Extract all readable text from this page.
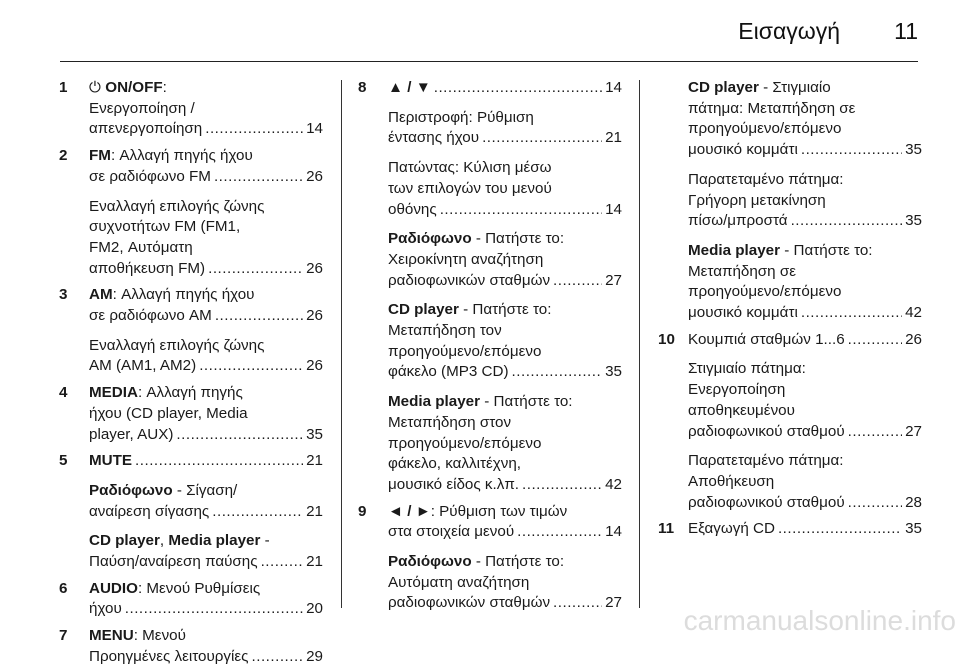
Εισαγωγή 11
1 ⏻ ON/OFF:
Ενεργοποίηση /
απενεργοποίηση .....	14
2 FM: Αλλαγή πηγής ήχου
σε ραδιόφωνο FM .....	26
Εναλλαγή επιλογής ζώνης
συχνοτήτων FM (FM1,
FM2, Αυτόματη
αποθήκευση FM) .....	26
3 AM: Αλλαγή πηγής ήχου
σε ραδιόφωνο AM .....	26
Εναλλαγή επιλογής ζώνης
AM (AM1, AM2) .....	26
4 MEDIA: Αλλαγή πηγής
ήχου (CD player, Media
player, AUX) .....	35
5 MUTE .....	21
Ραδιόφωνο - Σίγαση/
αναίρεση σίγασης .....	21
CD player, Media player -
Παύση/αναίρεση παύσης .....	21
6 AUDIO: Μενού Ρυθμίσεις
ήχου .....	20
7 MENU: Μενού
Προηγμένες λειτουργίες .....	29
8 ▲ / ▼ .....	14
Περιστροφή: Ρύθμιση
έντασης ήχου .....	21
Πατώντας: Κύλιση μέσω
των επιλογών του μενού
οθόνης .....	14
Ραδιόφωνο - Πατήστε το:
Χειροκίνητη αναζήτηση
ραδιοφωνικών σταθμών .....	27
CD player - Πατήστε το:
Μεταπήδηση τον
προηγούμενο/επόμενο
φάκελο (MP3 CD) .....	35
Media player - Πατήστε το:
Μεταπήδηση στον
προηγούμενο/επόμενο
φάκελο, καλλιτέχνη,
μουσικό είδος κ.λπ. .....	42
9 ◄ / ►: Ρύθμιση των τιμών
στα στοιχεία μενού .....	14
Ραδιόφωνο - Πατήστε το:
Αυτόματη αναζήτηση
ραδιοφωνικών σταθμών .....	27
CD player - Στιγμιαίο
πάτημα: Μεταπήδηση σε
προηγούμενο/επόμενο
μουσικό κομμάτι .....	35
Παρατεταμένο πάτημα:
Γρήγορη μετακίνηση
πίσω/μπροστά .....	35
Media player - Πατήστε το:
Μεταπήδηση σε
προηγούμενο/επόμενο
μουσικό κομμάτι .....	42
10 Κουμπιά σταθμών 1...6 .....	26
Στιγμιαίο πάτημα:
Ενεργοποίηση
αποθηκευμένου
ραδιοφωνικού σταθμού .....	27
Παρατεταμένο πάτημα:
Αποθήκευση
ραδιοφωνικού σταθμού .....	28
11 Εξαγωγή CD .....	35
carmanualsonline.info
